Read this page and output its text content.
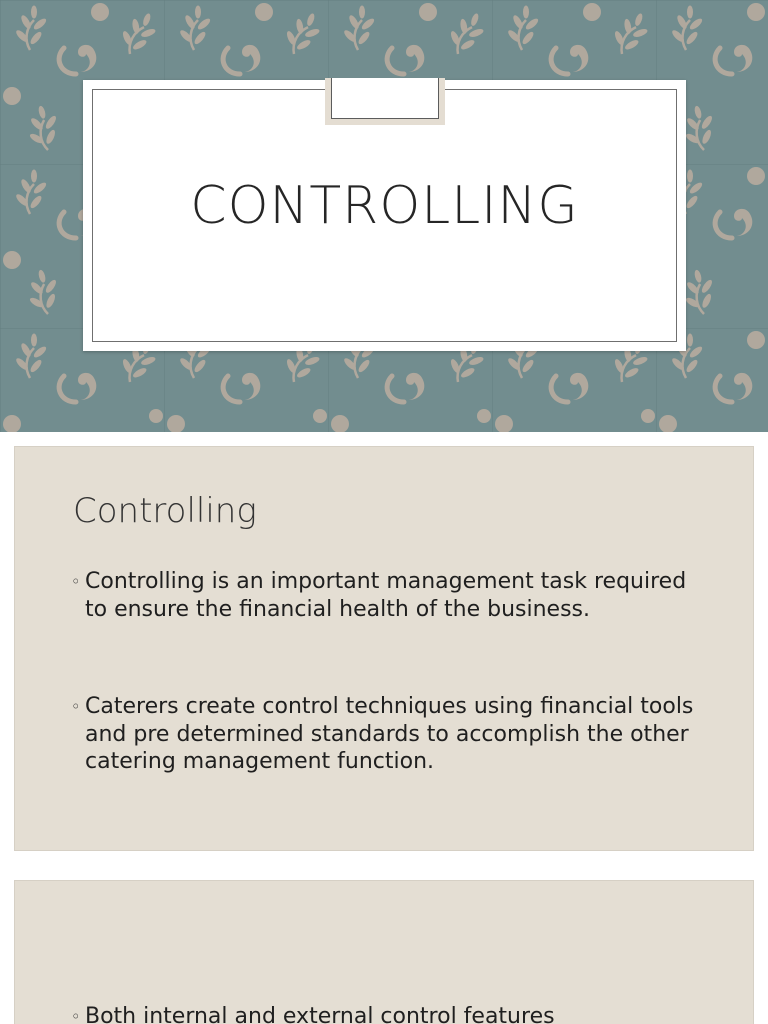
CONTROLLING
Controlling
◦ Controlling is an important management task required to ensure the financial health of the business.
◦ Caterers create control techniques using financial tools and pre determined standards to accomplish the other catering management function.
◦ Both internal and external control features
